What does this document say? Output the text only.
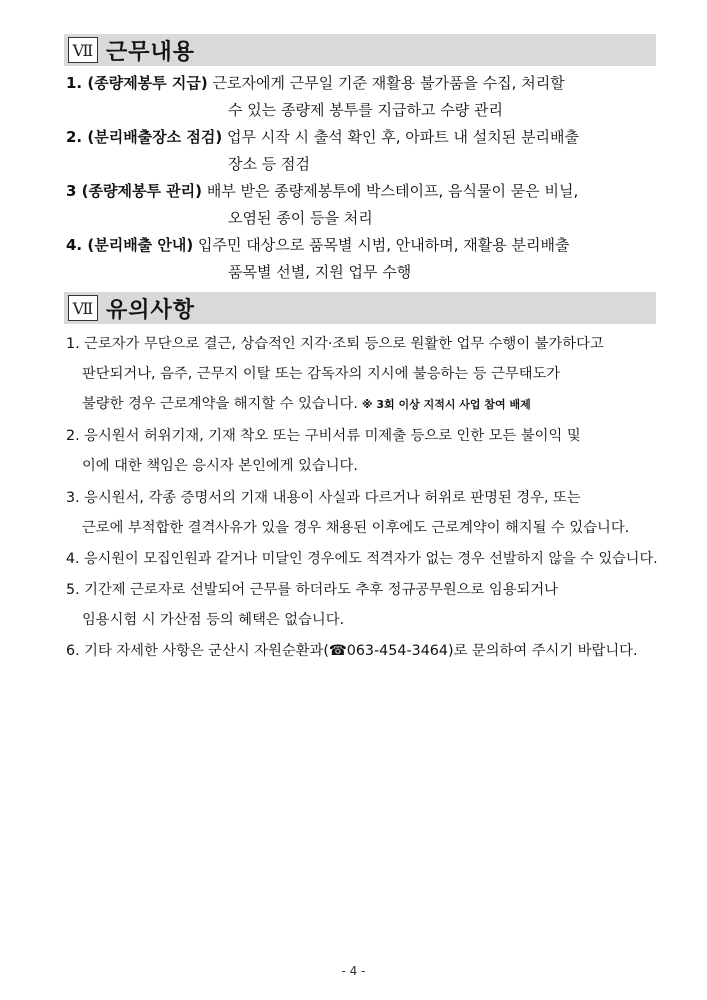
Ⅶ 근무내용
1. (종량제봉투 지급) 근로자에게 근무일 기준 재활용 불가품을 수집, 처리할
수 있는 종량제 봉투를 지급하고 수량 관리
2. (분리배출장소 점검) 업무 시작 시 출석 확인 후, 아파트 내 설치된 분리배출
장소 등 점검
3 (종량제봉투 관리) 배부 받은 종량제봉투에 박스테이프, 음식물이 묻은 비닐,
오염된 종이 등을 처리
4. (분리배출 안내) 입주민 대상으로 품목별 시범, 안내하며, 재활용 분리배출
품목별 선별, 지원 업무 수행
Ⅶ 유의사항
1. 근로자가 무단으로 결근, 상습적인 지각·조퇴 등으로 원활한 업무 수행이 불가하다고
판단되거나, 음주, 근무지 이탈 또는 감독자의 지시에 불응하는 등 근무태도가
불량한 경우 근로계약을 해지할 수 있습니다. ※ 3회 이상 지적시 사업 참여 배제
2. 응시원서 허위기재, 기재 착오 또는 구비서류 미제출 등으로 인한 모든 불이익 및
이에 대한 책임은 응시자 본인에게 있습니다.
3. 응시원서, 각종 증명서의 기재 내용이 사실과 다르거나 허위로 판명된 경우, 또는
근로에 부적합한 결격사유가 있을 경우 채용된 이후에도 근로계약이 해지될 수 있습니다.
4. 응시원이 모집인원과 같거나 미달인 경우에도 적격자가 없는 경우 선발하지 않을 수 있습니다.
5. 기간제 근로자로 선발되어 근무를 하더라도 추후 정규공무원으로 임용되거나
임용시험 시 가산점 등의 혜택은 없습니다.
6. 기타 자세한 사항은 군산시 자원순환과(☎063-454-3464)로 문의하여 주시기 바랍니다.
- 4 -
